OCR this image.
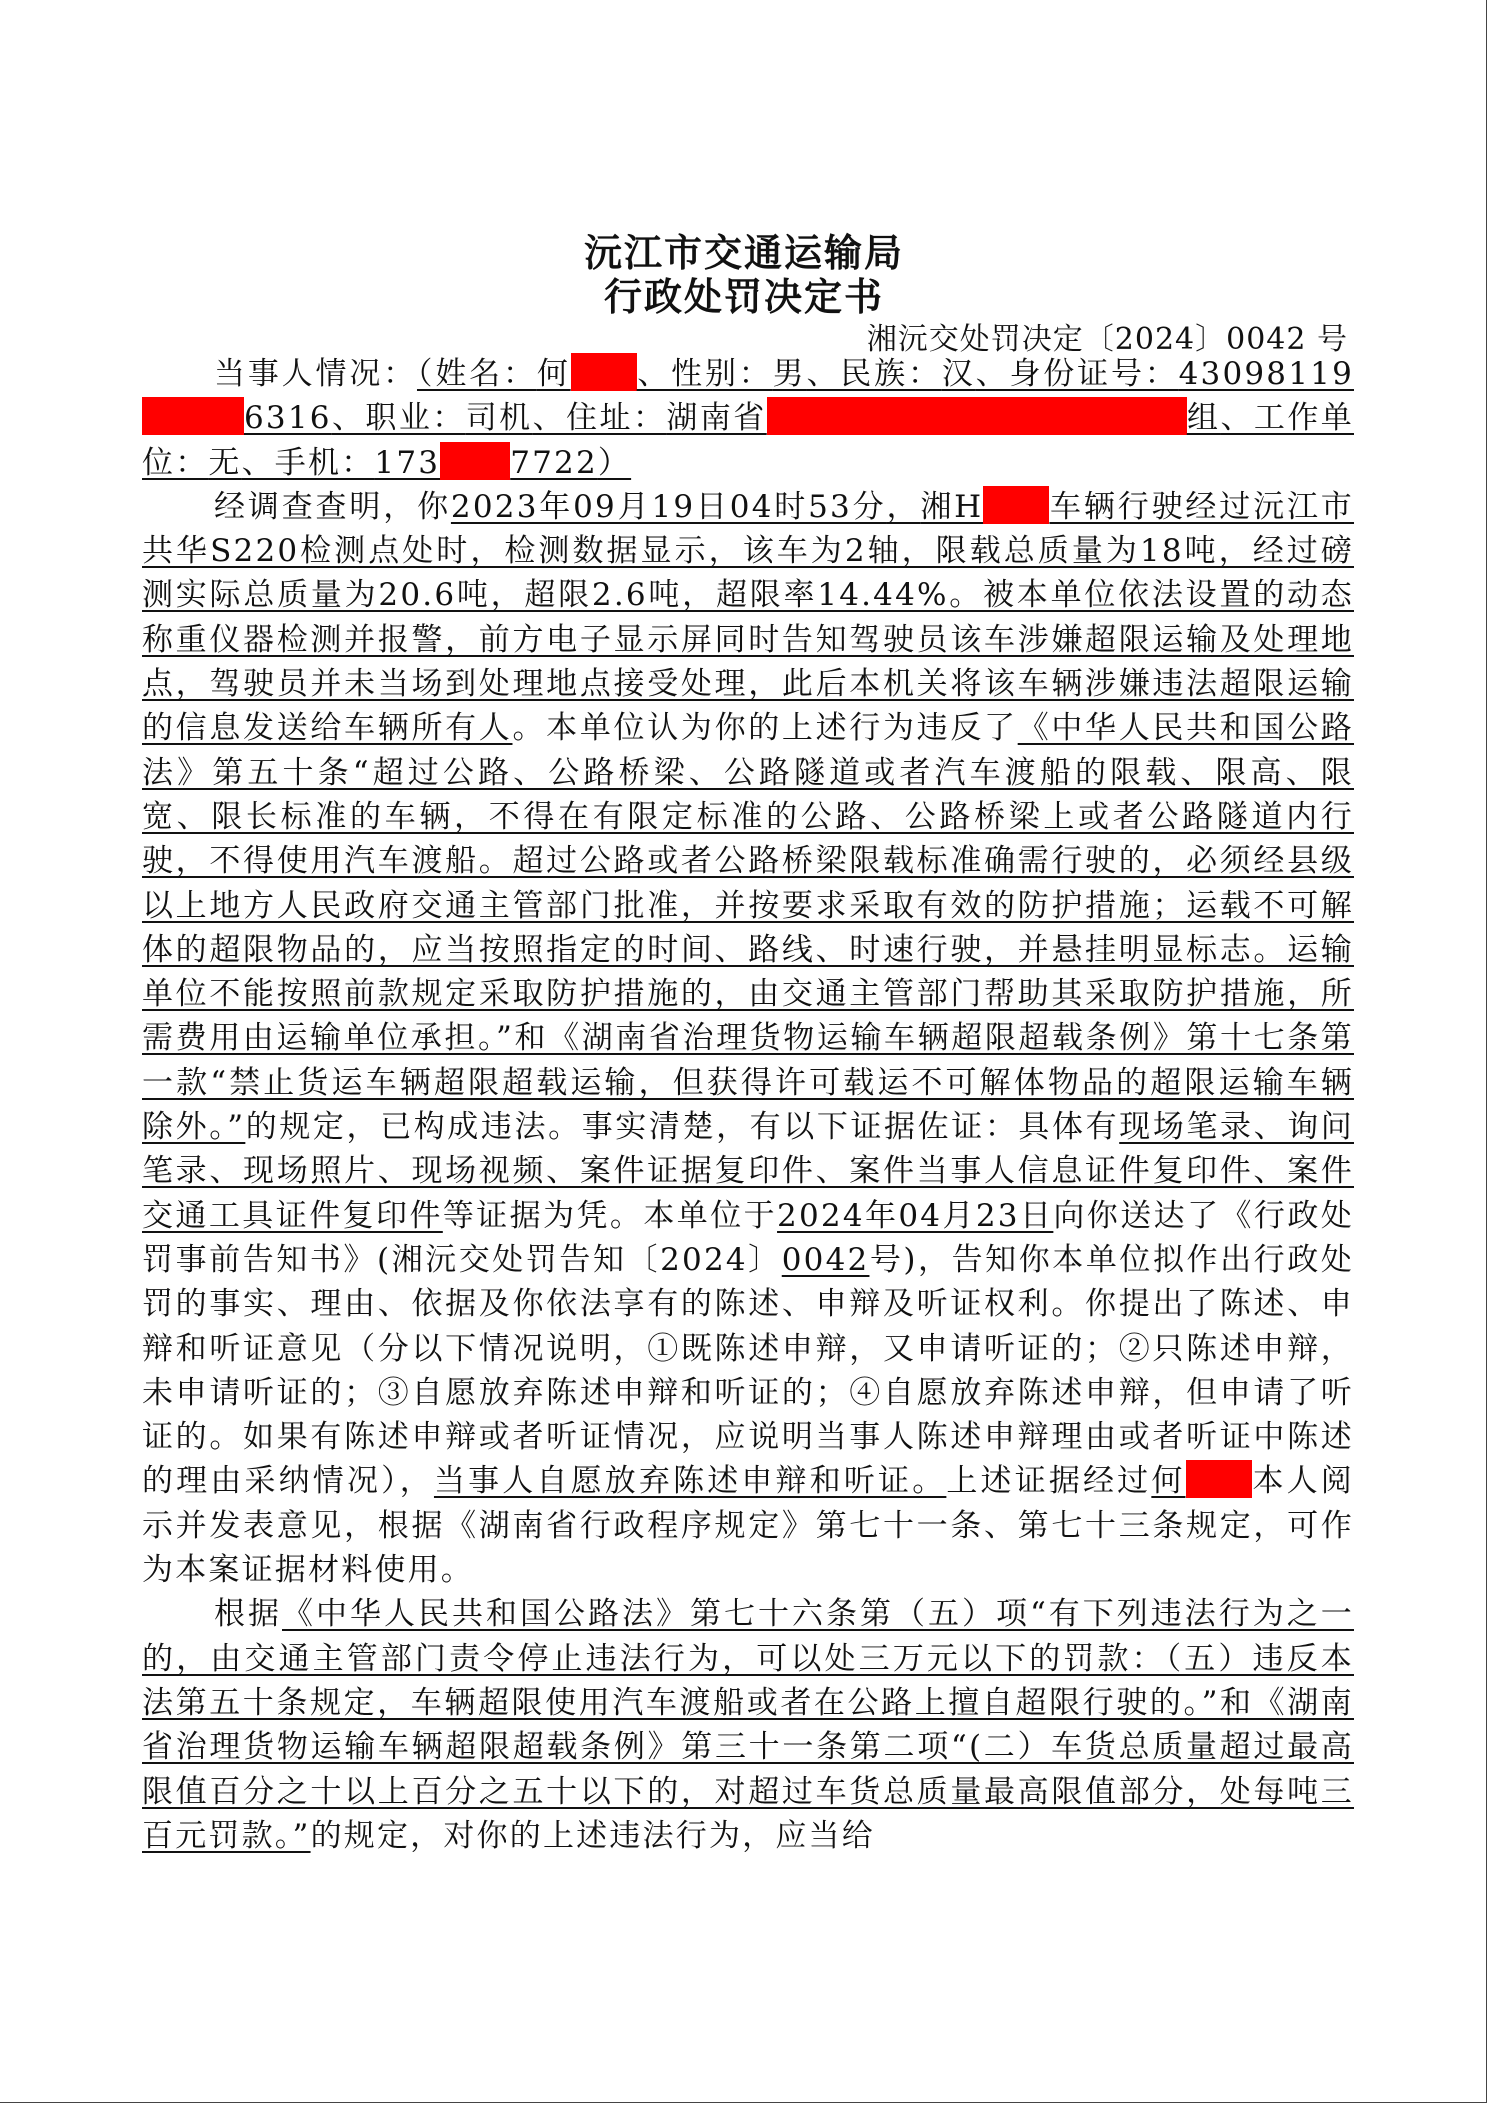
沅江市交通运输局
行政处罚决定书
湘沅交处罚决定〔2024〕0042 号

当事人情况：（姓名：何 、性别：男、民族：汉、身份证号：430981196316、职业：司机、住址：湖南省	组、工作单位：无、手机：173 7722）

经调查查明，你2023年09月19日04时53分，湘H 车辆行驶经过沅江市共华S220检测点处时，检测数据显示，该车为2轴，限载总质量为18吨，经过磅测实际总质量为20.6吨，超限2.6吨，超限率14.44%。被本单位依法设置的动态称重仪器检测并报警，前方电子显示屏同时告知驾驶员该车涉嫌超限运输及处理地点，驾驶员并未当场到处理地点接受处理，此后本机关将该车辆涉嫌违法超限运输的信息发送给车辆所有人。本单位认为你的上述行为违反了《中华人民共和国公路法》第五十条“超过公路、公路桥梁、公路隧道或者汽车渡船的限载、限高、限宽、限长标准的车辆，不得在有限定标准的公路、公路桥梁上或者公路隧道内行驶，不得使用汽车渡船。超过公路或者公路桥梁限载标准确需行驶的，必须经县级以上地方人民政府交通主管部门批准，并按要求采取有效的防护措施；运载不可解体的超限物品的，应当按照指定的时间、路线、时速行驶，并悬挂明显标志。运输单位不能按照前款规定采取防护措施的，由交通主管部门帮助其采取防护措施，所需费用由运输单位承担。”和《湖南省治理货物运输车辆超限超载条例》第十七条第一款“禁止货运车辆超限超载运输，但获得许可载运不可解体物品的超限运输车辆除外。”的规定，已构成违法。事实清楚，有以下证据佐证：具体有现场笔录、询问笔录、现场照片、现场视频、案件证据复印件、案件当事人信息证件复印件、案件交通工具证件复印件等证据为凭。本单位于2024年04月23日向你送达了《行政处罚事前告知书》(湘沅交处罚告知〔2024〕0042号)，告知你本单位拟作出行政处罚的事实、理由、依据及你依法享有的陈述、申辩及听证权利。你提出了陈述、申辩和听证意见（分以下情况说明，①既陈述申辩，又申请听证的；②只陈述申辩，未申请听证的；③自愿放弃陈述申辩和听证的；④自愿放弃陈述申辩，但申请了听证的。如果有陈述申辩或者听证情况，应说明当事人陈述申辩理由或者听证中陈述的理由采纳情况），当事人自愿放弃陈述申辩和听证。上述证据经过何 本人阅示并发表意见，根据《湖南省行政程序规定》第七十一条、第七十三条规定，可作为本案证据材料使用。

根据《中华人民共和国公路法》第七十六条第（五）项“有下列违法行为之一的，由交通主管部门责令停止违法行为，可以处三万元以下的罚款：（五）违反本法第五十条规定，车辆超限使用汽车渡船或者在公路上擅自超限行驶的。”和《湖南省治理货物运输车辆超限超载条例》第三十一条第二项“(二）车货总质量超过最高限值百分之十以上百分之五十以下的，对超过车货总质量最高限值部分，处每吨三百元罚款。”的规定，对你的上述违法行为，应当给
